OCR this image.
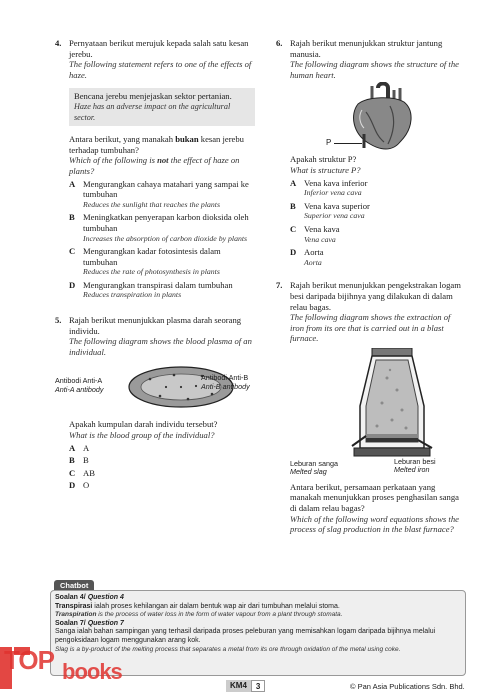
4. Pernyataan berikut merujuk kepada salah satu kesan jerebu.

The following statement refers to one of the effects of haze.

Bencana jerebu menjejaskan sektor pertanian.

Haze has an adverse impact on the agricultural sector.

Antara berikut, yang manakah bukan kesan jerebu terhadap tumbuhan?

Which of the following is not the effect of haze on plants?

A Mengurangkan cahaya matahari yang sampai ke tumbuhan

Reduces the sunlight that reaches the plants

B Meningkatkan penyerapan karbon dioksida oleh tumbuhan

Increases the absorption of carbon dioxide by plants

C Mengurangkan kadar fotosintesis dalam tumbuhan

Reduces the rate of photosynthesis in plants

D Mengurangkan transpirasi dalam tumbuhan

Reduces transpiration in plants

5. Rajah berikut menunjukkan plasma darah seorang individu.

The following diagram shows the blood plasma of an individual.

Antibodi Anti-A
Anti-A antibody
Antibodi Anti-B
Anti-B antibody

Apakah kumpulan darah individu tersebut?

What is the blood group of the individual?

A A

B B

C AB

D O

6. Rajah berikut menunjukkan struktur jantung manusia.

The following diagram shows the structure of the human heart.

P

Apakah struktur P?

What is structure P?

A Vena kava inferior

Inferior vena cava

B Vena kava superior

Superior vena cava

C Vena kava

Vena cava

D Aorta

Aorta

7. Rajah berikut menunjukkan pengekstrakan logam besi daripada bijihnya yang dilakukan di dalam relau bagas.

The following diagram shows the extraction of iron from its ore that is carried out in a blast furnace.

Leburan sanga
Melted slag
Leburan besi
Melted iron

Antara berikut, persamaan perkataan yang manakah menunjukkan proses penghasilan sanga di dalam relau bagas?

Which of the following word equations shows the process of slag production in the blast furnace?

Chatbot
Soalan 4/ Question 4
Transpirasi ialah proses kehilangan air dalam bentuk wap air dari tumbuhan melalui stoma.
Transpiration is the process of water loss in the form of water vapour from a plant through stomata.
Soalan 7/ Question 7
Sanga ialah bahan sampingan yang terhasil daripada proses peleburan yang memisahkan logam daripada bijihnya melalui pengoksidaan logam menggunakan arang kok.
Slag is a by-product of the melting process that separates a metal from its ore through oxidation of the metal using coke.
TOP books
KM4	3	© Pan Asia Publications Sdn. Bhd.
